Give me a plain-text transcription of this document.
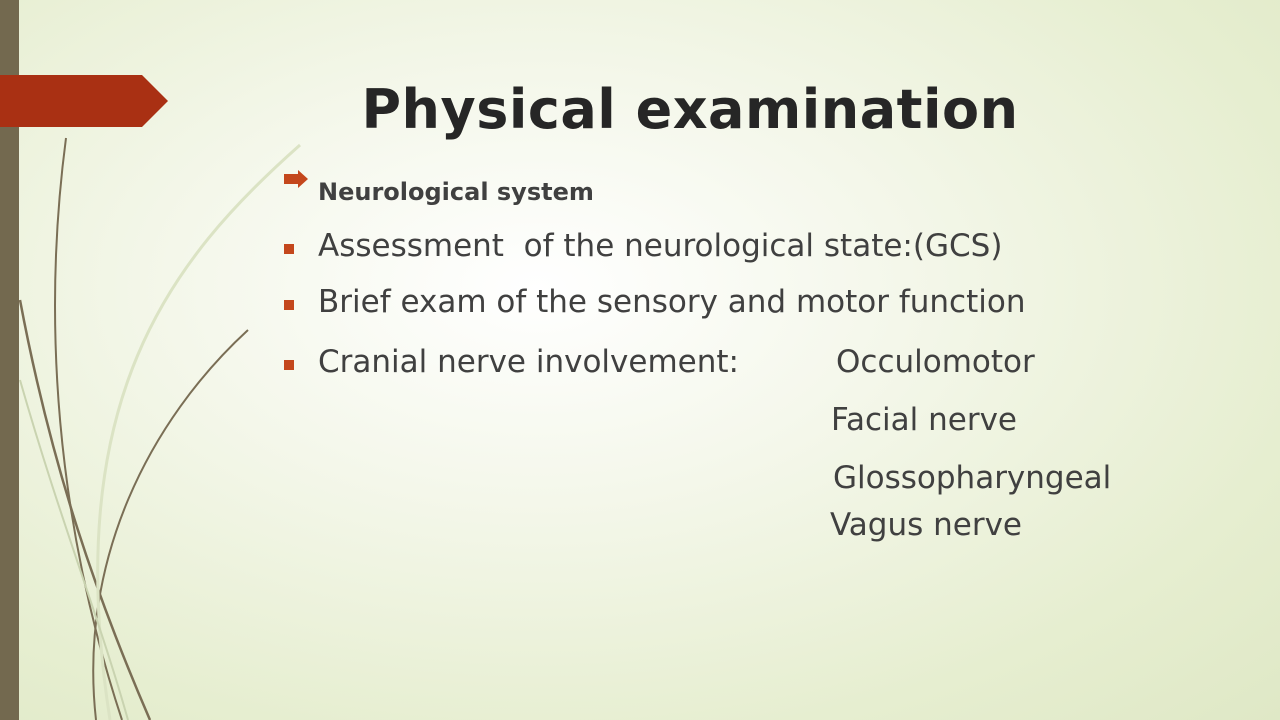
Physical examination
Neurological system
Assessment  of the neurological state:(GCS)
Brief exam of the sensory and motor function
Cranial nerve involvement:	Occulomotor
Facial nerve
Glossopharyngeal
Vagus nerve
